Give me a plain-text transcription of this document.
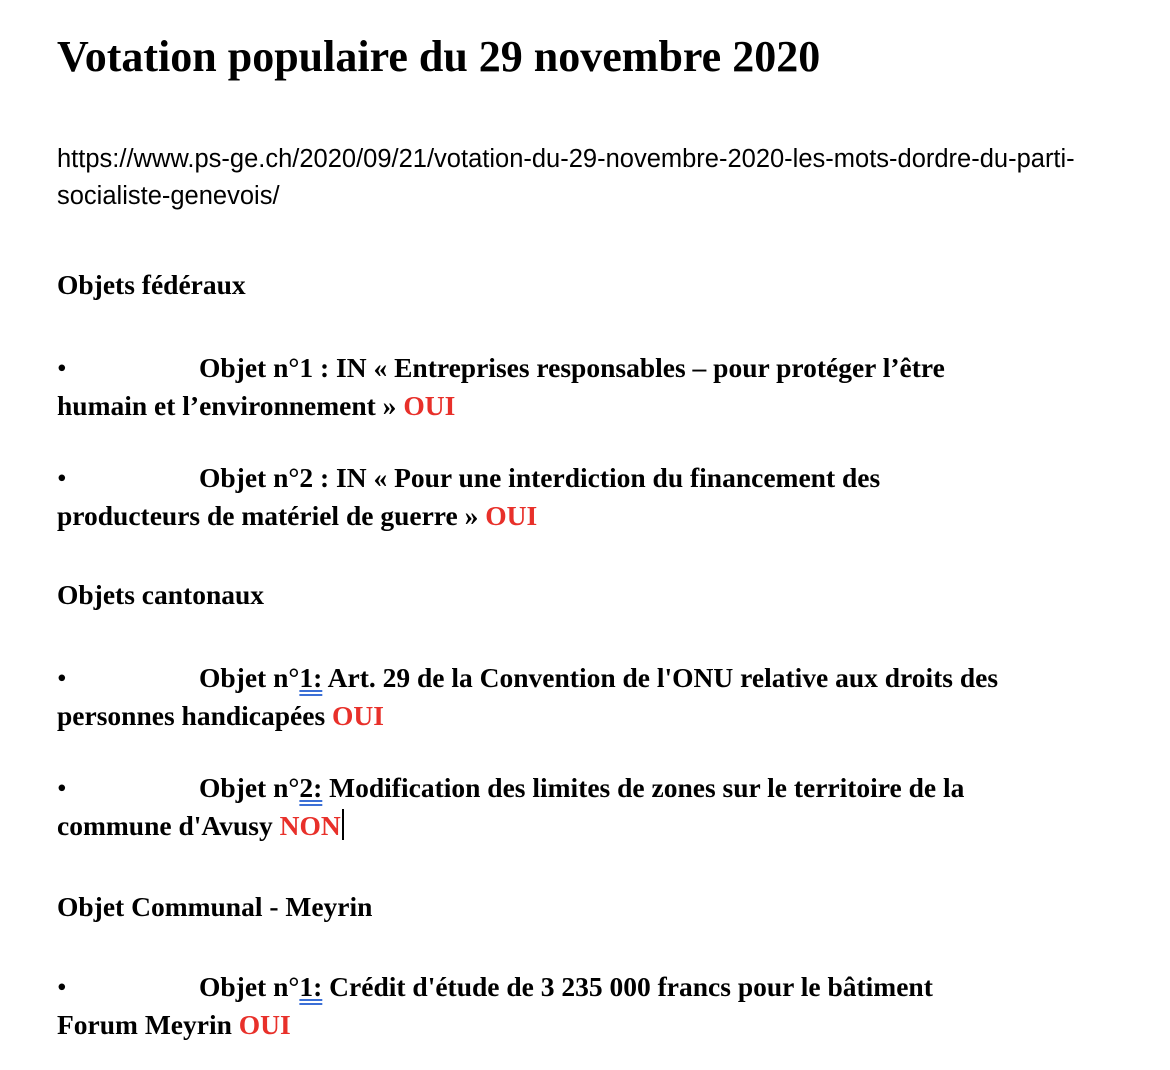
Votation populaire du 29 novembre 2020

https://www.ps-ge.ch/2020/09/21/votation-du-29-novembre-2020-les-mots-dordre-du-parti-socialiste-genevois/

Objets fédéraux

•	Objet n°1 : IN « Entreprises responsables – pour protéger l’être
humain et l’environnement » OUI
•	Objet n°2 : IN « Pour une interdiction du financement des
producteurs de matériel de guerre » OUI

Objets cantonaux

•	Objet n°1: Art. 29 de la Convention de l'ONU relative aux droits des
personnes handicapées OUI
•	Objet n°2: Modification des limites de zones sur le territoire de la
commune d'Avusy NON

Objet Communal - Meyrin

•	Objet n°1: Crédit d'étude de 3 235 000 francs pour le bâtiment
Forum Meyrin OUI
